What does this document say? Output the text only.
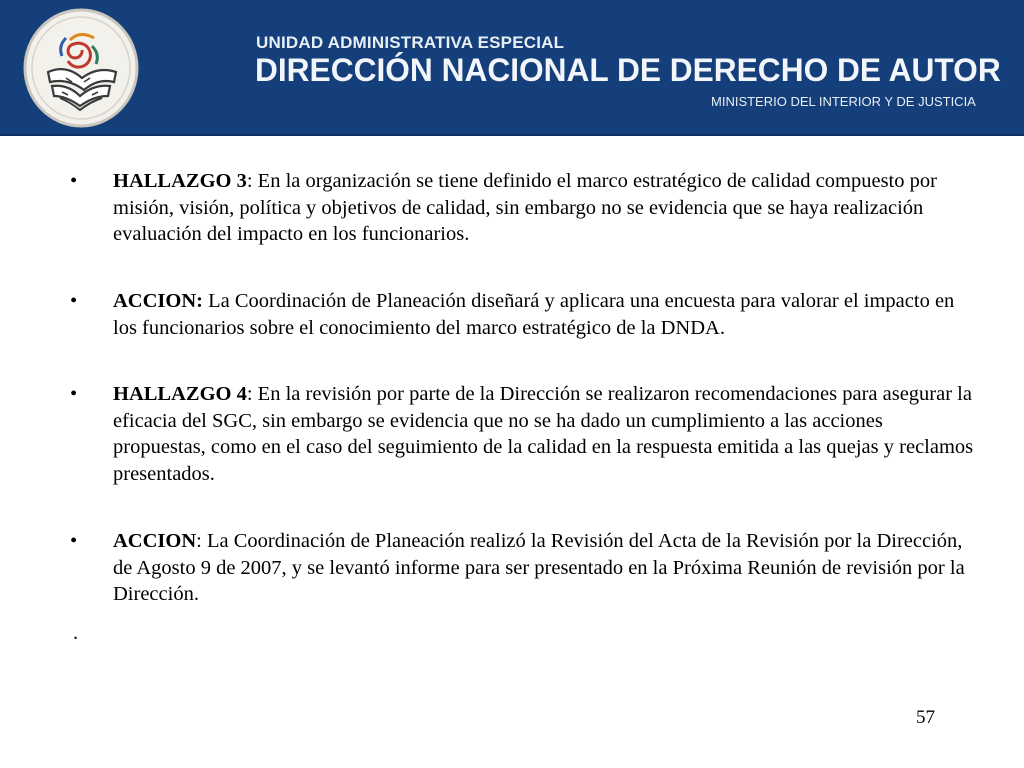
UNIDAD ADMINISTRATIVA ESPECIAL
DIRECCIÓN NACIONAL DE DERECHO DE AUTOR
MINISTERIO DEL INTERIOR Y DE JUSTICIA
• HALLAZGO 3: En la organización se tiene definido el marco estratégico de calidad compuesto por misión, visión, política y objetivos de calidad, sin embargo no se evidencia que se haya realización evaluación del impacto en los funcionarios.
• ACCION: La Coordinación de Planeación diseñará y aplicara una encuesta para valorar el impacto en los funcionarios sobre el conocimiento del marco estratégico de la DNDA.
• HALLAZGO 4: En la revisión por parte de la Dirección se realizaron recomendaciones para asegurar la eficacia del SGC, sin embargo se evidencia que no se ha dado un cumplimiento a las acciones propuestas, como en el caso del seguimiento de la calidad en la respuesta emitida a las quejas y reclamos presentados.
• ACCION: La Coordinación de Planeación realizó la Revisión del Acta de la Revisión por la Dirección, de Agosto 9 de 2007, y se levantó informe para ser presentado en la Próxima Reunión de revisión por la Dirección.
.
57
